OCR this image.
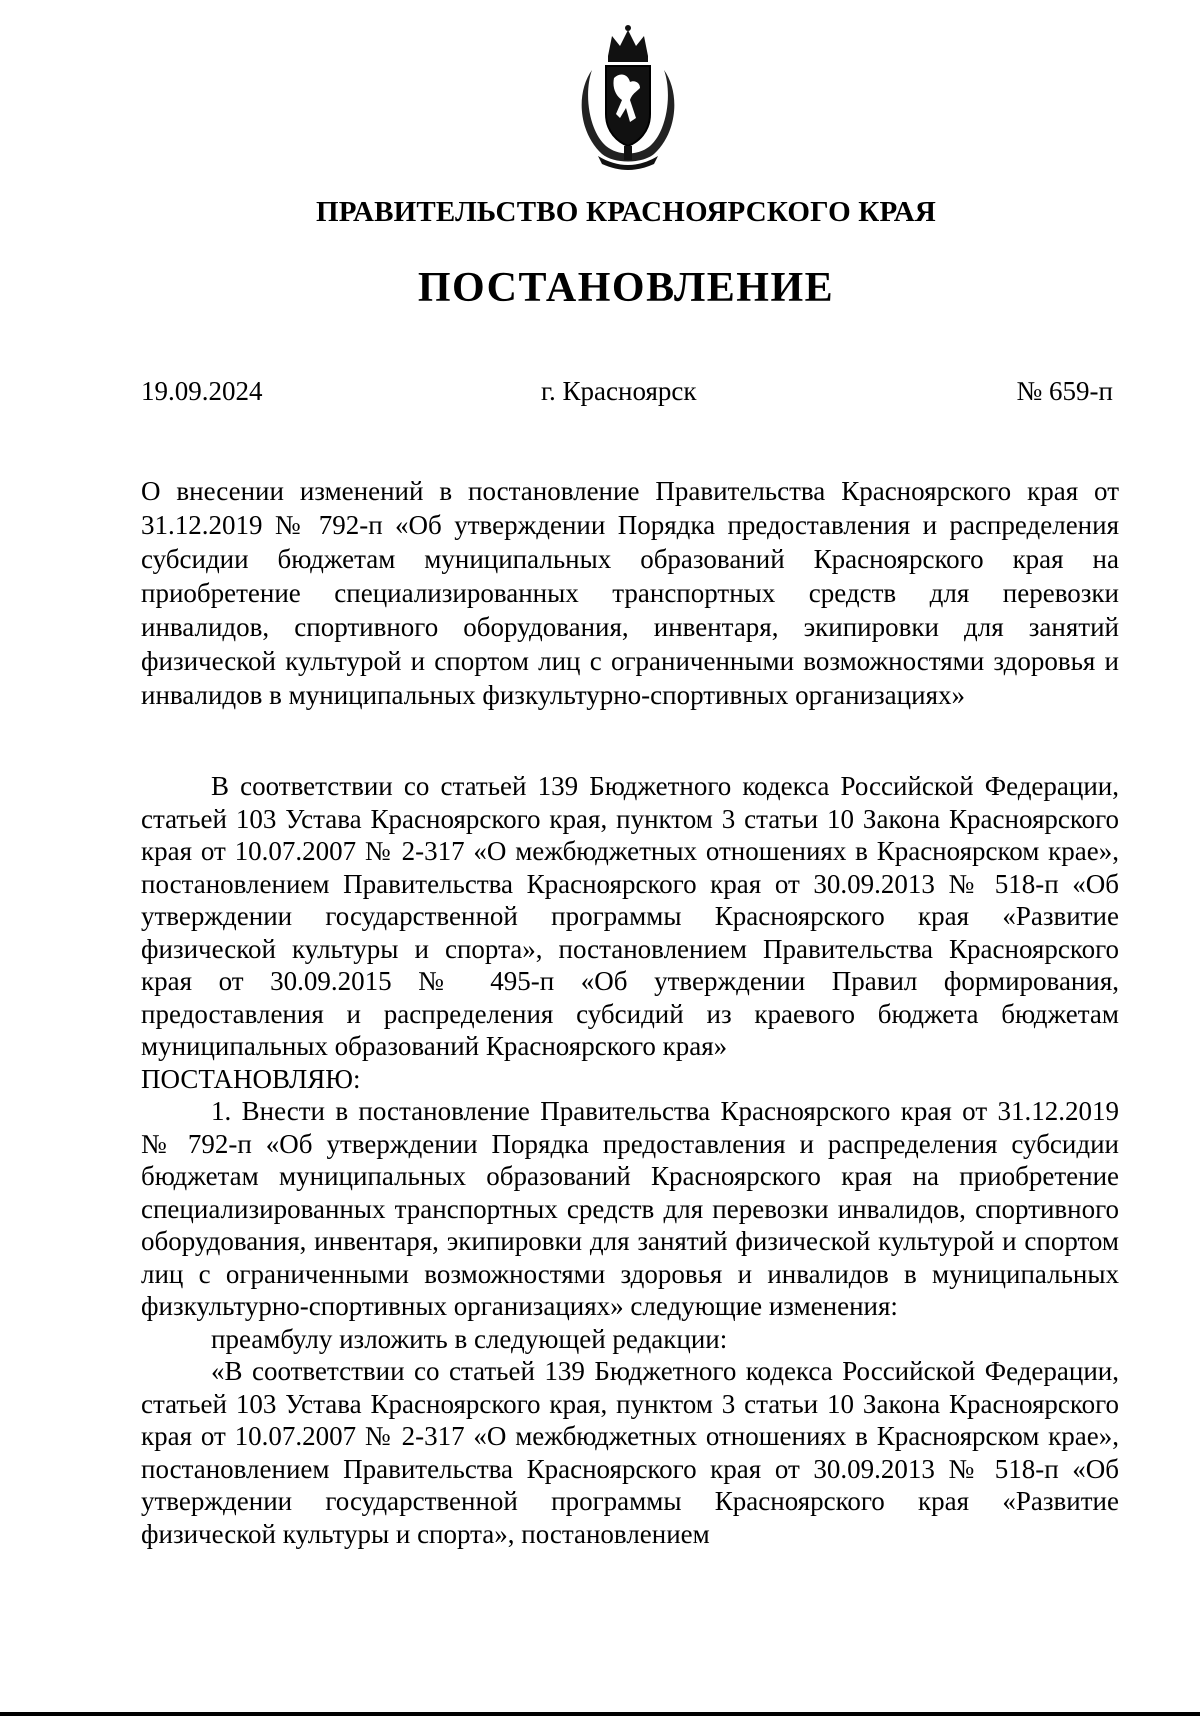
ПРАВИТЕЛЬСТВО КРАСНОЯРСКОГО КРАЯ
ПОСТАНОВЛЕНИЕ
19.09.2024	г. Красноярск	№ 659-п
О внесении изменений в постановление Правительства Красноярского края от 31.12.2019 № 792-п «Об утверждении Порядка предоставления и распределения субсидии бюджетам муниципальных образований Красноярского края на приобретение специализированных транспортных средств для перевозки инвалидов, спортивного оборудования, инвентаря, экипировки для занятий физической культурой и спортом лиц с ограниченными возможностями здоровья и инвалидов в муниципальных физкультурно-спортивных организациях»

В соответствии со статьей 139 Бюджетного кодекса Российской Федерации, статьей 103 Устава Красноярского края, пунктом 3 статьи 10 Закона Красноярского края от 10.07.2007 № 2-317 «О межбюджетных отношениях в Красноярском крае», постановлением Правительства Красноярского края от 30.09.2013 № 518-п «Об утверждении государственной программы Красноярского края «Развитие физической культуры и спорта», постановлением Правительства Красноярского края от 30.09.2015 № 495-п «Об утверждении Правил формирования, предоставления и распределения субсидий из краевого бюджета бюджетам муниципальных образований Красноярского края»

ПОСТАНОВЛЯЮ:

1. Внести в постановление Правительства Красноярского края от 31.12.2019 № 792-п «Об утверждении Порядка предоставления и распределения субсидии бюджетам муниципальных образований Красноярского края на приобретение специализированных транспортных средств для перевозки инвалидов, спортивного оборудования, инвентаря, экипировки для занятий физической культурой и спортом лиц с ограниченными возможностями здоровья и инвалидов в муниципальных физкультурно-спортивных организациях» следующие изменения:

преамбулу изложить в следующей редакции:

«В соответствии со статьей 139 Бюджетного кодекса Российской Федерации, статьей 103 Устава Красноярского края, пунктом 3 статьи 10 Закона Красноярского края от 10.07.2007 № 2-317 «О межбюджетных отношениях в Красноярском крае», постановлением Правительства Красноярского края от 30.09.2013 № 518-п «Об утверждении государственной программы Красноярского края «Развитие физической культуры и спорта», постановлением
